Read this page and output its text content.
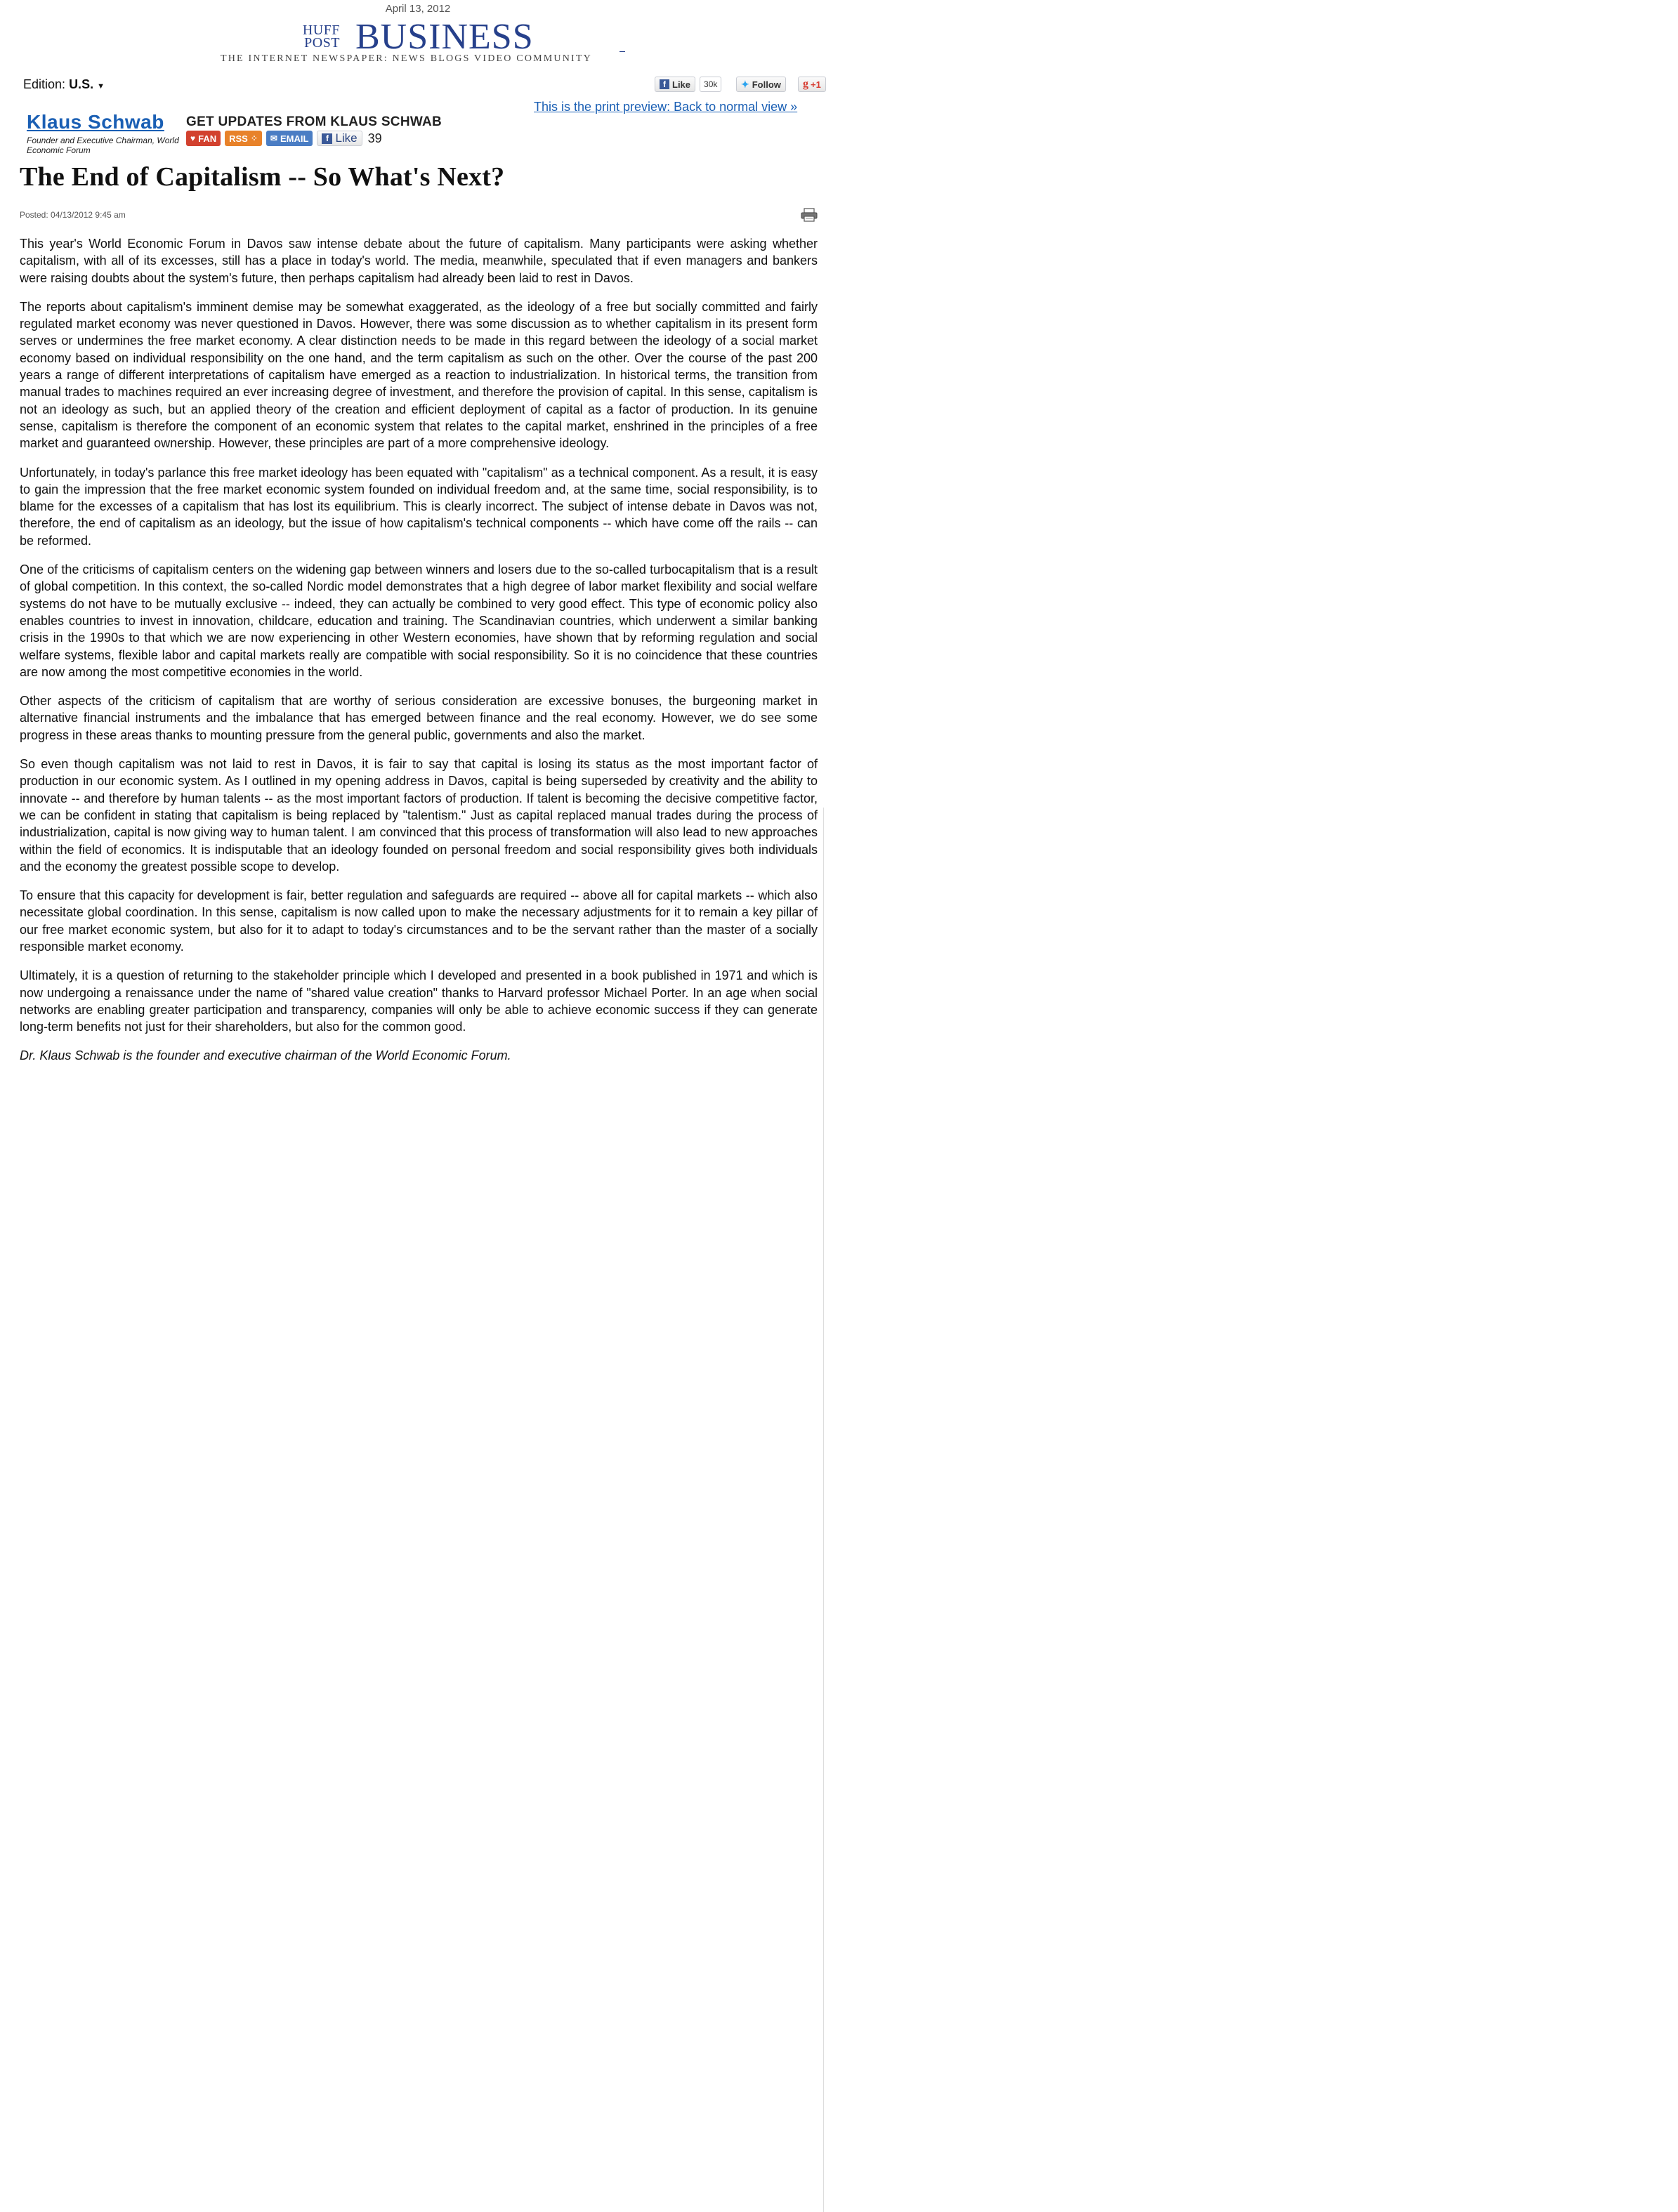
April 13, 2012
HUFF
POST BUSINESS
THE INTERNET NEWSPAPER: NEWS BLOGS VIDEO COMMUNITY
Edition: U.S. ▼	f Like	30k	✦ Follow g +1
This is the print preview: Back to normal view »
Klaus Schwab
Founder and Executive Chairman, World Economic Forum
GET UPDATES FROM KLAUS SCHWAB
♥ FAN RSS ⁘ ✉ EMAIL	f Like 39
The End of Capitalism -- So What's Next?
Posted: 04/13/2012 9:45 am

This year's World Economic Forum in Davos saw intense debate about the future of capitalism. Many participants were asking whether capitalism, with all of its excesses, still has a place in today's world. The media, meanwhile, speculated that if even managers and bankers were raising doubts about the system's future, then perhaps capitalism had already been laid to rest in Davos.

The reports about capitalism's imminent demise may be somewhat exaggerated, as the ideology of a free but socially committed and fairly regulated market economy was never questioned in Davos. However, there was some discussion as to whether capitalism in its present form serves or undermines the free market economy. A clear distinction needs to be made in this regard between the ideology of a social market economy based on individual responsibility on the one hand, and the term capitalism as such on the other. Over the course of the past 200 years a range of different interpretations of capitalism have emerged as a reaction to industrialization. In historical terms, the transition from manual trades to machines required an ever increasing degree of investment, and therefore the provision of capital. In this sense, capitalism is not an ideology as such, but an applied theory of the creation and efficient deployment of capital as a factor of production. In its genuine sense, capitalism is therefore the component of an economic system that relates to the capital market, enshrined in the principles of a free market and guaranteed ownership. However, these principles are part of a more comprehensive ideology.

Unfortunately, in today's parlance this free market ideology has been equated with "capitalism" as a technical component. As a result, it is easy to gain the impression that the free market economic system founded on individual freedom and, at the same time, social responsibility, is to blame for the excesses of a capitalism that has lost its equilibrium. This is clearly incorrect. The subject of intense debate in Davos was not, therefore, the end of capitalism as an ideology, but the issue of how capitalism's technical components -- which have come off the rails -- can be reformed.

One of the criticisms of capitalism centers on the widening gap between winners and losers due to the so-called turbocapitalism that is a result of global competition. In this context, the so-called Nordic model demonstrates that a high degree of labor market flexibility and social welfare systems do not have to be mutually exclusive -- indeed, they can actually be combined to very good effect. This type of economic policy also enables countries to invest in innovation, childcare, education and training. The Scandinavian countries, which underwent a similar banking crisis in the 1990s to that which we are now experiencing in other Western economies, have shown that by reforming regulation and social welfare systems, flexible labor and capital markets really are compatible with social responsibility. So it is no coincidence that these countries are now among the most competitive economies in the world.

Other aspects of the criticism of capitalism that are worthy of serious consideration are excessive bonuses, the burgeoning market in alternative financial instruments and the imbalance that has emerged between finance and the real economy. However, we do see some progress in these areas thanks to mounting pressure from the general public, governments and also the market.

So even though capitalism was not laid to rest in Davos, it is fair to say that capital is losing its status as the most important factor of production in our economic system. As I outlined in my opening address in Davos, capital is being superseded by creativity and the ability to innovate -- and therefore by human talents -- as the most important factors of production. If talent is becoming the decisive competitive factor, we can be confident in stating that capitalism is being replaced by "talentism." Just as capital replaced manual trades during the process of industrialization, capital is now giving way to human talent. I am convinced that this process of transformation will also lead to new approaches within the field of economics. It is indisputable that an ideology founded on personal freedom and social responsibility gives both individuals and the economy the greatest possible scope to develop.

To ensure that this capacity for development is fair, better regulation and safeguards are required -- above all for capital markets -- which also necessitate global coordination. In this sense, capitalism is now called upon to make the necessary adjustments for it to remain a key pillar of our free market economic system, but also for it to adapt to today's circumstances and to be the servant rather than the master of a socially responsible market economy.

Ultimately, it is a question of returning to the stakeholder principle which I developed and presented in a book published in 1971 and which is now undergoing a renaissance under the name of "shared value creation" thanks to Harvard professor Michael Porter. In an age when social networks are enabling greater participation and transparency, companies will only be able to achieve economic success if they can generate long-term benefits not just for their shareholders, but also for the common good.

Dr. Klaus Schwab is the founder and executive chairman of the World Economic Forum.
